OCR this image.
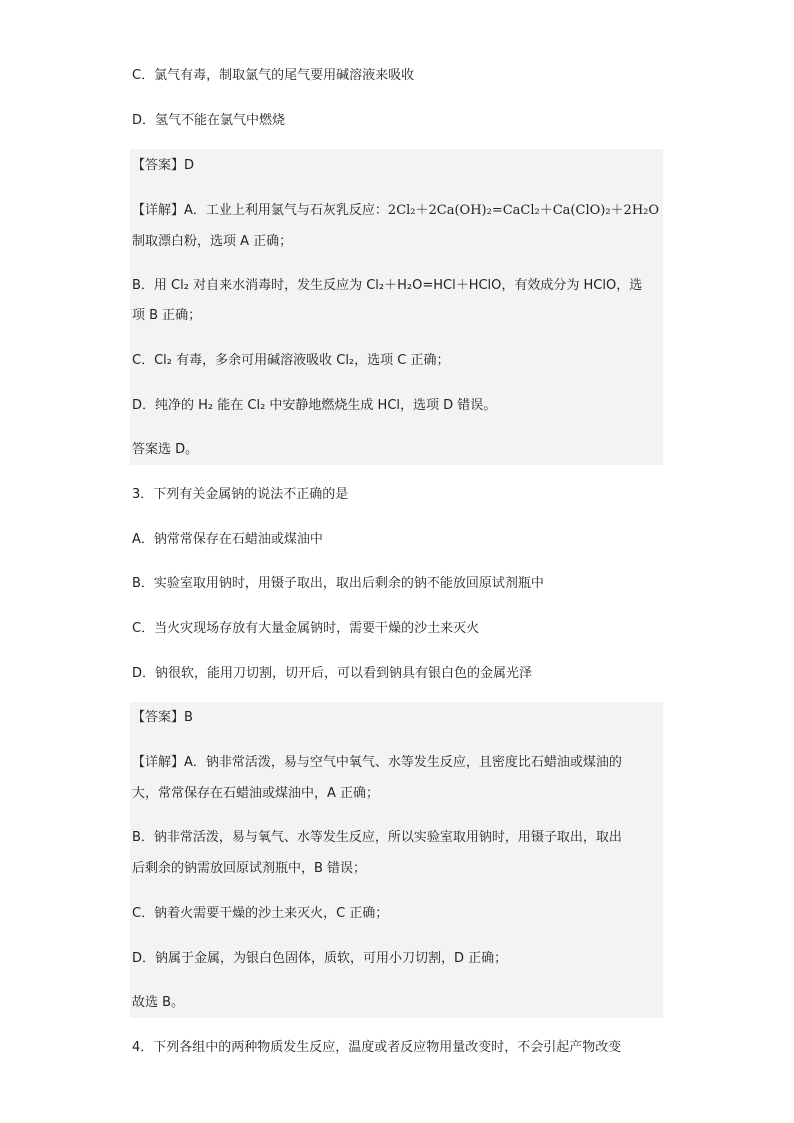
C．氯气有毒，制取氯气的尾气要用碱溶液来吸收
D．氢气不能在氯气中燃烧
【答案】D
【详解】A．工业上利用氯气与石灰乳反应：2Cl₂＋2Ca(OH)₂=CaCl₂＋Ca(ClO)₂＋2H₂O
制取漂白粉，选项 A 正确；
B．用 Cl₂ 对自来水消毒时，发生反应为 Cl₂＋H₂O=HCl＋HClO，有效成分为 HClO，选
项 B 正确；
C．Cl₂ 有毒，多余可用碱溶液吸收 Cl₂，选项 C 正确；
D．纯净的 H₂ 能在 Cl₂ 中安静地燃烧生成 HCl，选项 D 错误。
答案选 D。
3．下列有关金属钠的说法不正确的是
A．钠常常保存在石蜡油或煤油中
B．实验室取用钠时，用镊子取出，取出后剩余的钠不能放回原试剂瓶中
C．当火灾现场存放有大量金属钠时，需要干燥的沙土来灭火
D．钠很软，能用刀切割，切开后，可以看到钠具有银白色的金属光泽
【答案】B
【详解】A．钠非常活泼，易与空气中氧气、水等发生反应，且密度比石蜡油或煤油的
大，常常保存在石蜡油或煤油中，A 正确；
B．钠非常活泼，易与氧气、水等发生反应，所以实验室取用钠时，用镊子取出，取出
后剩余的钠需放回原试剂瓶中，B 错误；
C．钠着火需要干燥的沙土来灭火，C 正确；
D．钠属于金属，为银白色固体，质软，可用小刀切割，D 正确；
故选 B。
4．下列各组中的两种物质发生反应，温度或者反应物用量改变时，不会引起产物改变
